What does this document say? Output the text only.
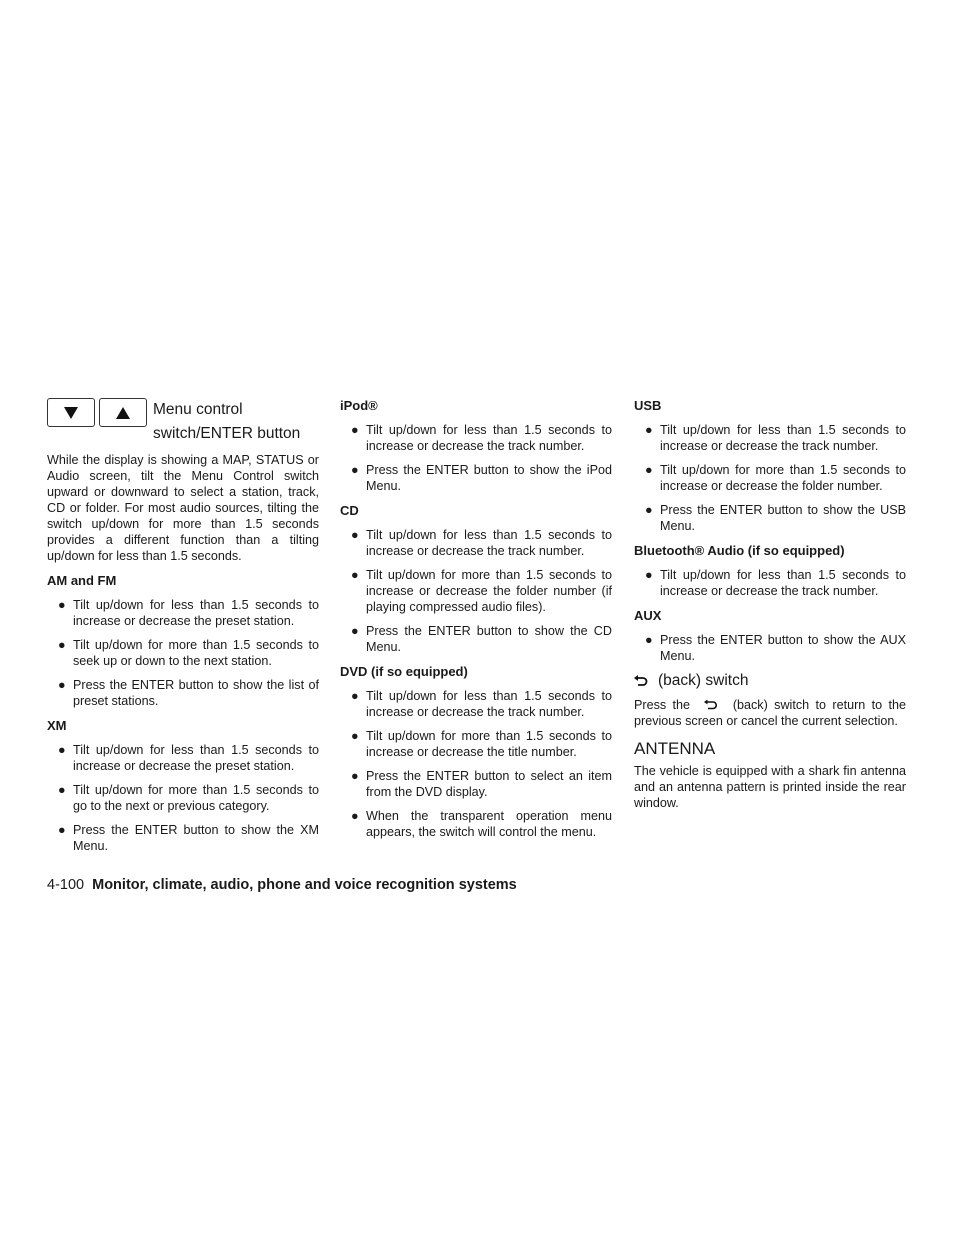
Menu control
switch/ENTER button

While the display is showing a MAP, STATUS or Audio screen, tilt the Menu Control switch upward or downward to select a station, track, CD or folder. For most audio sources, tilting the switch up/down for more than 1.5 seconds provides a different function than a tilting up/down for less than 1.5 seconds.

AM and FM
● Tilt up/down for less than 1.5 seconds to increase or decrease the preset station.
● Tilt up/down for more than 1.5 seconds to seek up or down to the next station.
● Press the ENTER button to show the list of preset stations.
XM
● Tilt up/down for less than 1.5 seconds to increase or decrease the preset station.
● Tilt up/down for more than 1.5 seconds to go to the next or previous category.
● Press the ENTER button to show the XM Menu.
iPod®
● Tilt up/down for less than 1.5 seconds to increase or decrease the track number.
● Press the ENTER button to show the iPod Menu.
CD
● Tilt up/down for less than 1.5 seconds to increase or decrease the track number.
● Tilt up/down for more than 1.5 seconds to increase or decrease the folder number (if playing compressed audio files).
● Press the ENTER button to show the CD Menu.
DVD (if so equipped)
● Tilt up/down for less than 1.5 seconds to increase or decrease the track number.
● Tilt up/down for more than 1.5 seconds to increase or decrease the title number.
● Press the ENTER button to select an item from the DVD display.
● When the transparent operation menu appears, the switch will control the menu.
USB
● Tilt up/down for less than 1.5 seconds to increase or decrease the track number.
● Tilt up/down for more than 1.5 seconds to increase or decrease the folder number.
● Press the ENTER button to show the USB Menu.
Bluetooth® Audio (if so equipped)
● Tilt up/down for less than 1.5 seconds to increase or decrease the track number.
AUX
● Press the ENTER button to show the AUX Menu.
(back) switch

Press the	(back) switch to return to the previous screen or cancel the current selection.

ANTENNA

The vehicle is equipped with a shark fin antenna and an antenna pattern is printed inside the rear window.

4-100 Monitor, climate, audio, phone and voice recognition systems
